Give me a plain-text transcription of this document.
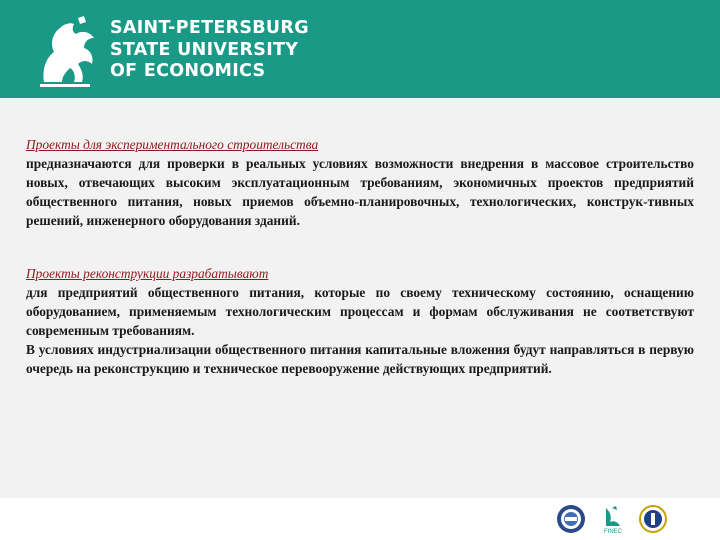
SAINT-PETERSBURG
STATE UNIVERSITY
OF ECONOMICS
Проекты для экспериментального строительства
предназначаются для проверки в реальных условиях возможности внедрения в массовое строительство новых, отвечающих высоким эксплуатационным требованиям, экономичных проектов предприятий общественного питания, новых приемов объемно-планировочных, технологических, конструк-тивных решений, инженерного оборудования зданий.
Проекты реконструкции разрабатывают
для предприятий общественного питания, которые по своему техническому состоянию, оснащению оборудованием, применяемым технологическим процессам и формам обслуживания не соответствуют современным требованиям.
В условиях индустриализации общественного питания капитальные вложения будут направляться в первую очередь на реконструкцию и техническое перевооружение действующих предприятий.
FINEC
